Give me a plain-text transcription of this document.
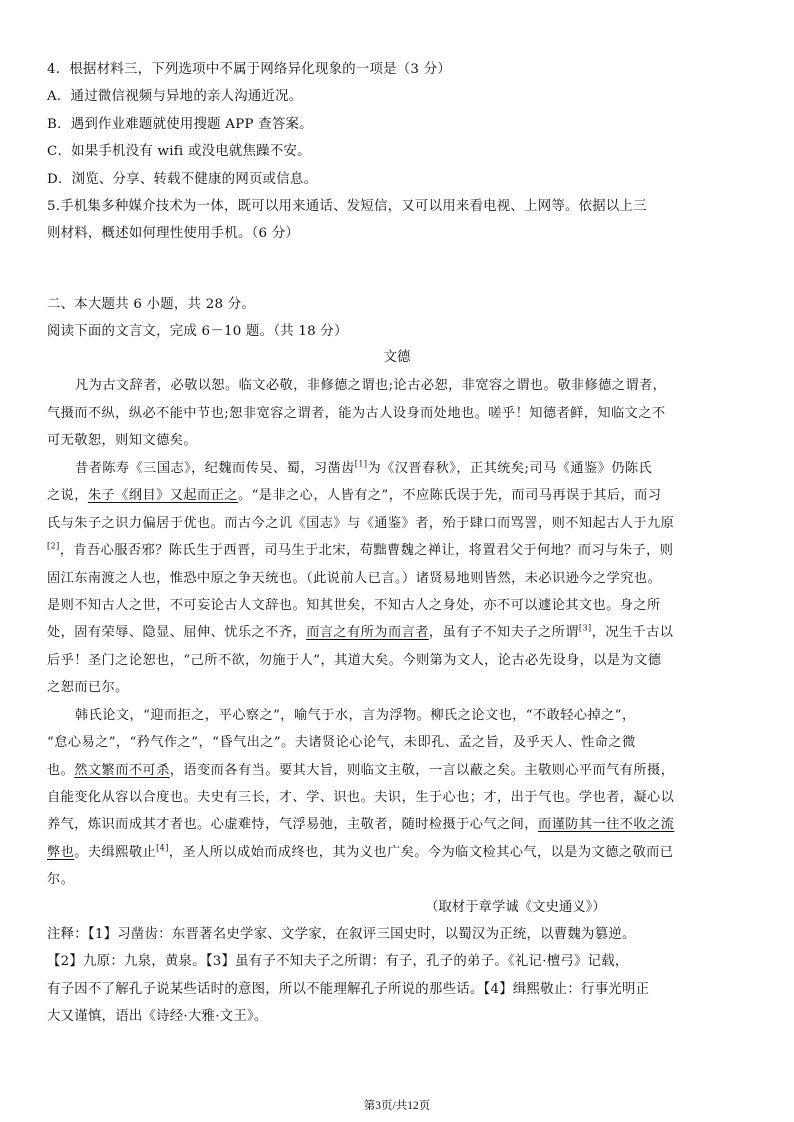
4．根据材料三，下列选项中不属于网络异化现象的一项是（3 分）
A．通过微信视频与异地的亲人沟通近况。
B．遇到作业难题就使用搜题 APP 查答案。
C．如果手机没有 wifi 或没电就焦躁不安。
D．浏览、分享、转载不健康的网页或信息。
5.手机集多种媒介技术为一体，既可以用来通话、发短信，又可以用来看电视、上网等。依据以上三
则材料，概述如何理性使用手机。（6 分）
二、本大题共 6 小题，共 28 分。
阅读下面的文言文，完成 6－10 题。（共 18 分）
文德
凡为古文辞者，必敬以恕。临文必敬，非修德之谓也;论古必恕，非宽容之谓也。敬非修德之谓者，
气摄而不纵，纵必不能中节也;恕非宽容之谓者，能为古人设身而处地也。嗟乎！知德者鲜，知临文之不
可无敬恕，则知文德矣。
昔者陈寿《三国志》，纪魏而传吴、蜀，习凿齿[1]为《汉晋春秋》，正其统矣;司马《通鉴》仍陈氏
之说，朱子《纲目》又起而正之。“是非之心，人皆有之”，不应陈氏误于先，而司马再误于其后，而习
氏与朱子之识力偏居于优也。而古今之讥《国志》与《通鉴》者，殆于肆口而骂詈，则不知起古人于九原
[2]，肯吾心服否邪？陈氏生于西晋，司马生于北宋，苟黜曹魏之禅让，将置君父于何地？而习与朱子，则
固江东南渡之人也，惟恐中原之争天统也。（此说前人已言。）诸贤易地则皆然，未必识逊今之学究也。
是则不知古人之世，不可妄论古人文辞也。知其世矣，不知古人之身处，亦不可以遽论其文也。身之所
处，固有荣辱、隐显、屈伸、忧乐之不齐，而言之有所为而言者，虽有子不知夫子之所谓[3]，况生千古以
后乎！圣门之论恕也，“己所不欲，勿施于人”，其道大矣。今则第为文人，论古必先设身，以是为文德
之恕而已尔。
韩氏论文，“迎而拒之，平心察之”，喻气于水，言为浮物。柳氏之论文也，“不敢轻心掉之”，
“怠心易之”，“矜气作之”，“昏气出之”。夫诸贤论心论气，未即孔、孟之旨，及乎天人、性命之微
也。然文繁而不可杀，语变而各有当。要其大旨，则临文主敬，一言以蔽之矣。主敬则心平而气有所摄，
自能变化从容以合度也。夫史有三长，才、学、识也。夫识，生于心也；才，出于气也。学也者，凝心以
养气，炼识而成其才者也。心虚难恃，气浮易弛，主敬者，随时检摄于心气之间，而谨防其一往不收之流
弊也。夫缉熙敬止[4]，圣人所以成始而成终也，其为义也广矣。今为临文检其心气，以是为文德之敬而已
尔。
（取材于章学诚《文史通义》）
注释：【1】习凿齿：东晋著名史学家、文学家，在叙评三国史时，以蜀汉为正统，以曹魏为篡逆。
【2】九原：九泉，黄泉。【3】虽有子不知夫子之所谓：有子，孔子的弟子。《礼记·檀弓》记载，
有子因不了解孔子说某些话时的意图，所以不能理解孔子所说的那些话。【4】缉熙敬止：行事光明正
大又谨慎，语出《诗经·大雅·文王》。
第3页/共12页
